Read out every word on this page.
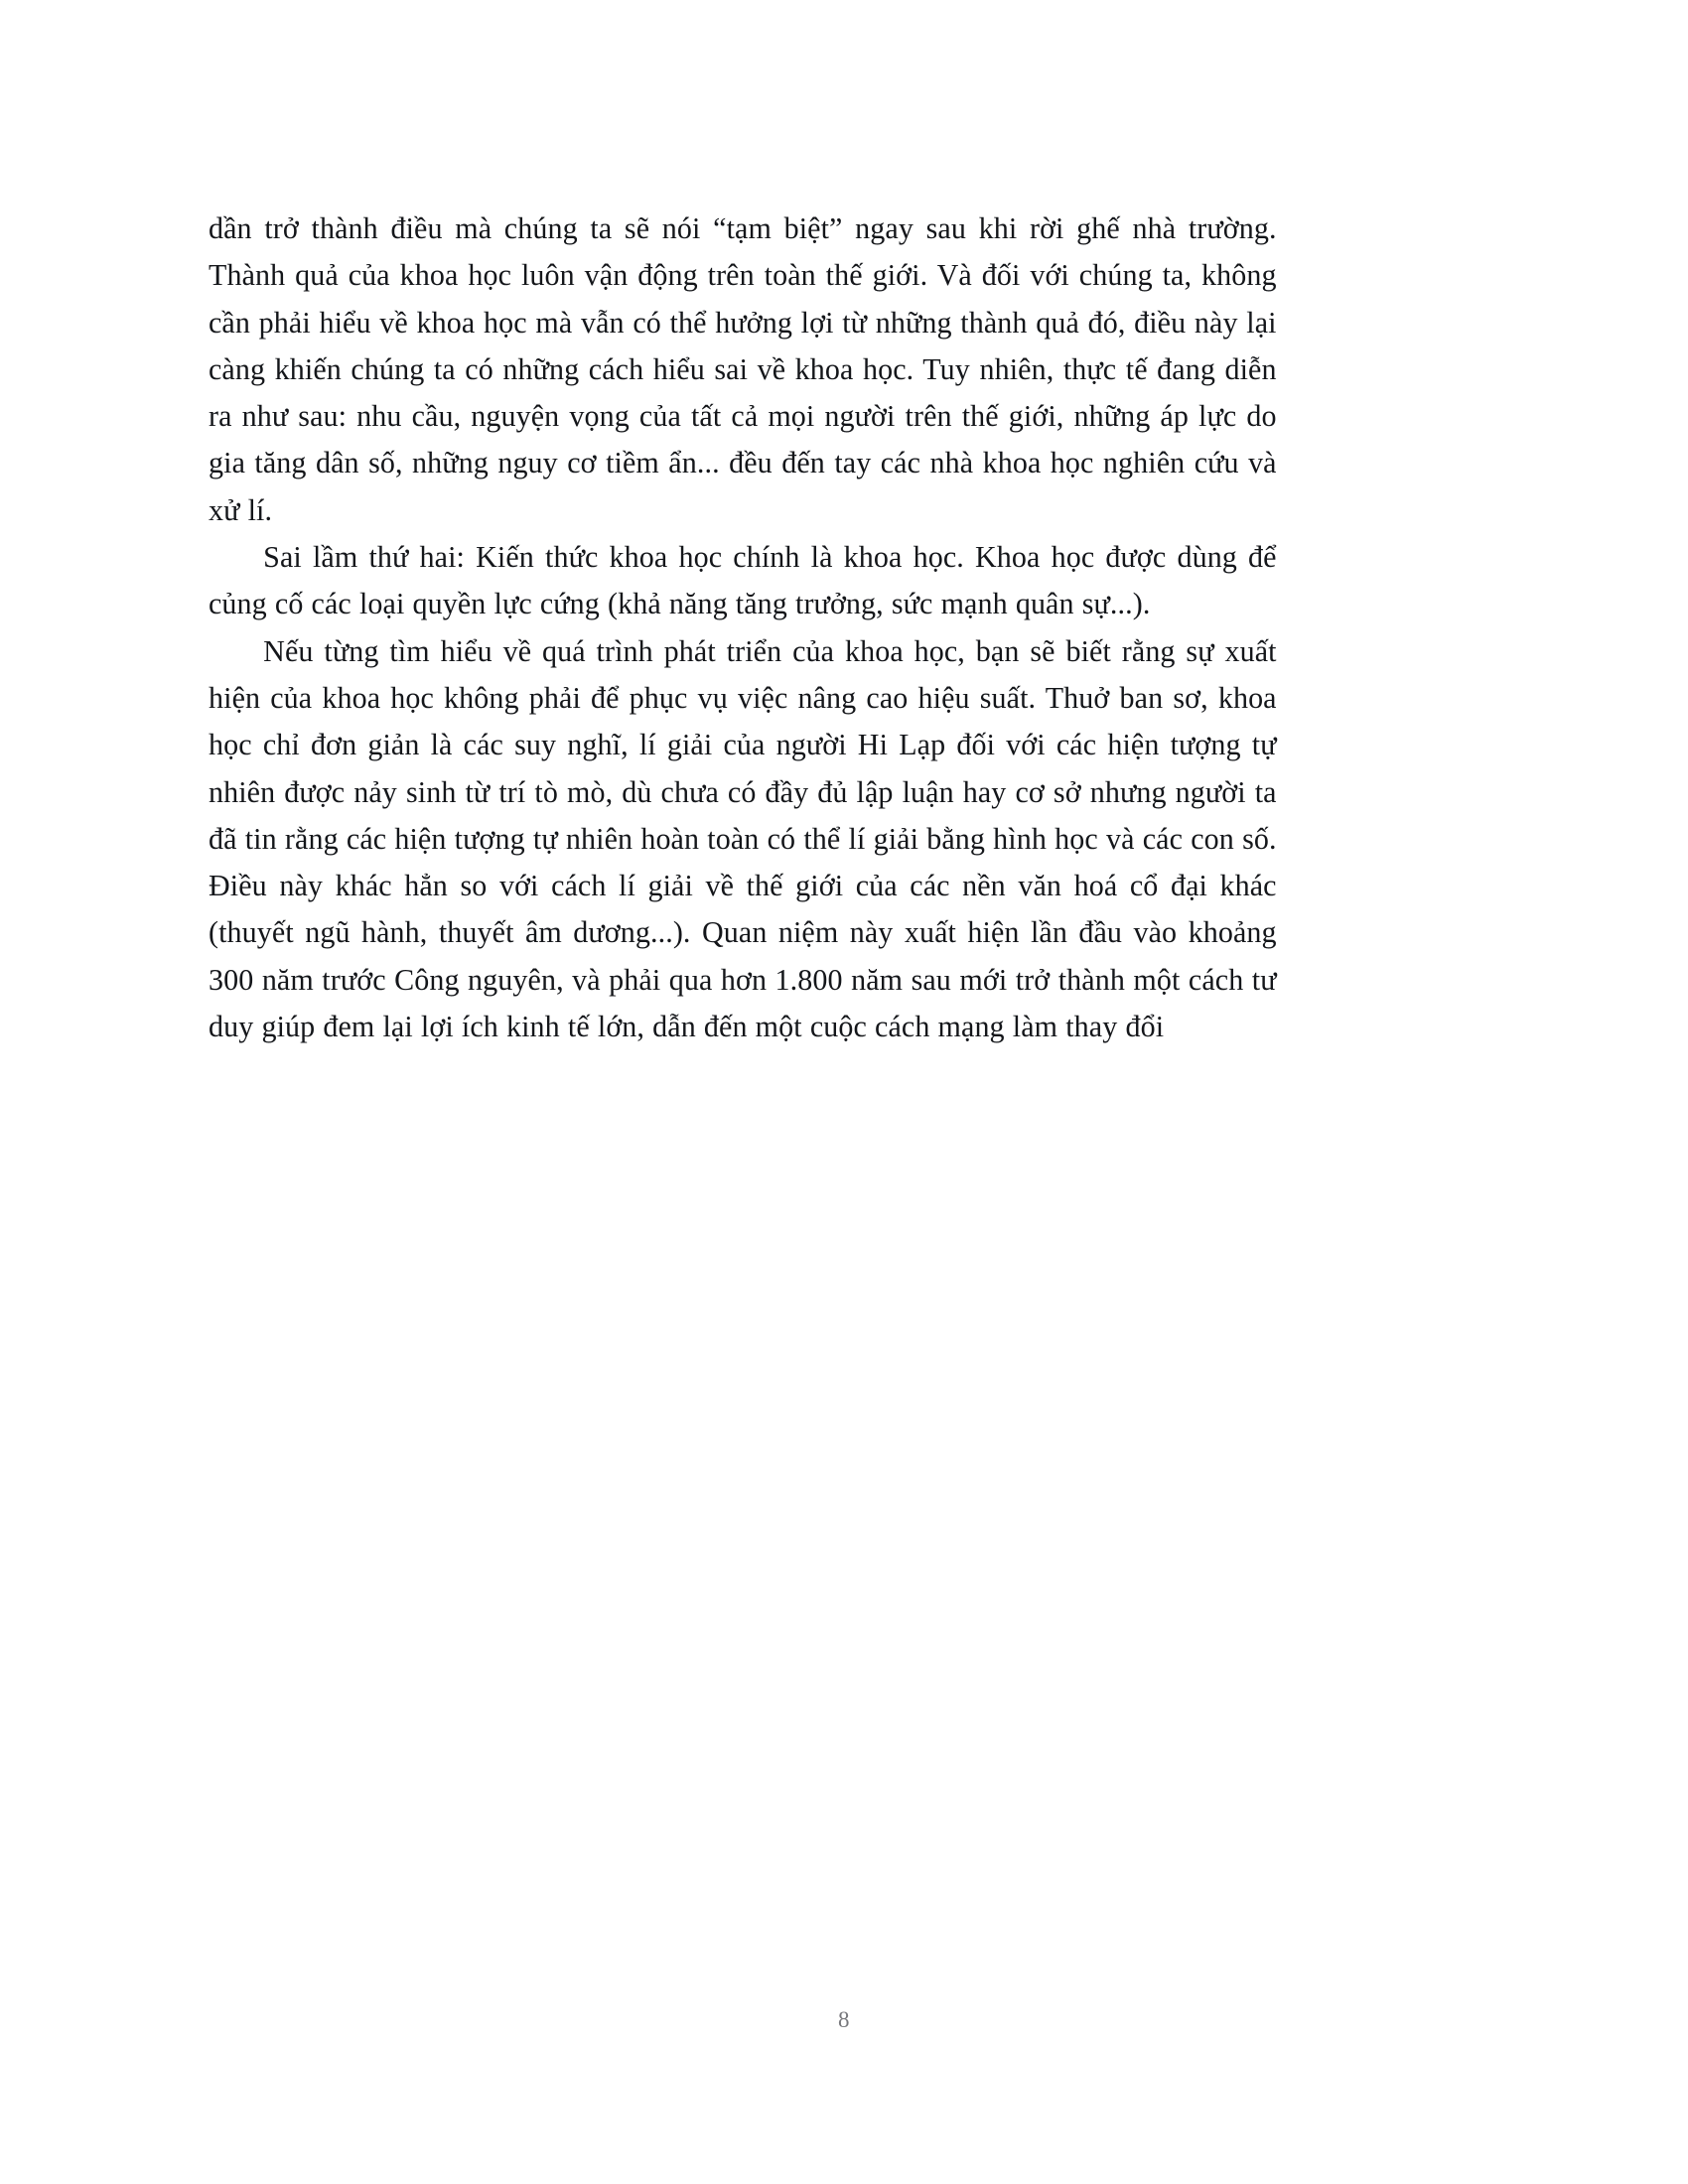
dần trở thành điều mà chúng ta sẽ nói “tạm biệt” ngay sau khi rời ghế nhà trường. Thành quả của khoa học luôn vận động trên toàn thế giới. Và đối với chúng ta, không cần phải hiểu về khoa học mà vẫn có thể hưởng lợi từ những thành quả đó, điều này lại càng khiến chúng ta có những cách hiểu sai về khoa học. Tuy nhiên, thực tế đang diễn ra như sau: nhu cầu, nguyện vọng của tất cả mọi người trên thế giới, những áp lực do gia tăng dân số, những nguy cơ tiềm ẩn... đều đến tay các nhà khoa học nghiên cứu và xử lí.

Sai lầm thứ hai: Kiến thức khoa học chính là khoa học. Khoa học được dùng để củng cố các loại quyền lực cứng (khả năng tăng trưởng, sức mạnh quân sự...).

Nếu từng tìm hiểu về quá trình phát triển của khoa học, bạn sẽ biết rằng sự xuất hiện của khoa học không phải để phục vụ việc nâng cao hiệu suất. Thuở ban sơ, khoa học chỉ đơn giản là các suy nghĩ, lí giải của người Hi Lạp đối với các hiện tượng tự nhiên được nảy sinh từ trí tò mò, dù chưa có đầy đủ lập luận hay cơ sở nhưng người ta đã tin rằng các hiện tượng tự nhiên hoàn toàn có thể lí giải bằng hình học và các con số. Điều này khác hẳn so với cách lí giải về thế giới của các nền văn hoá cổ đại khác (thuyết ngũ hành, thuyết âm dương...). Quan niệm này xuất hiện lần đầu vào khoảng 300 năm trước Công nguyên, và phải qua hơn 1.800 năm sau mới trở thành một cách tư duy giúp đem lại lợi ích kinh tế lớn, dẫn đến một cuộc cách mạng làm thay đổi

8
